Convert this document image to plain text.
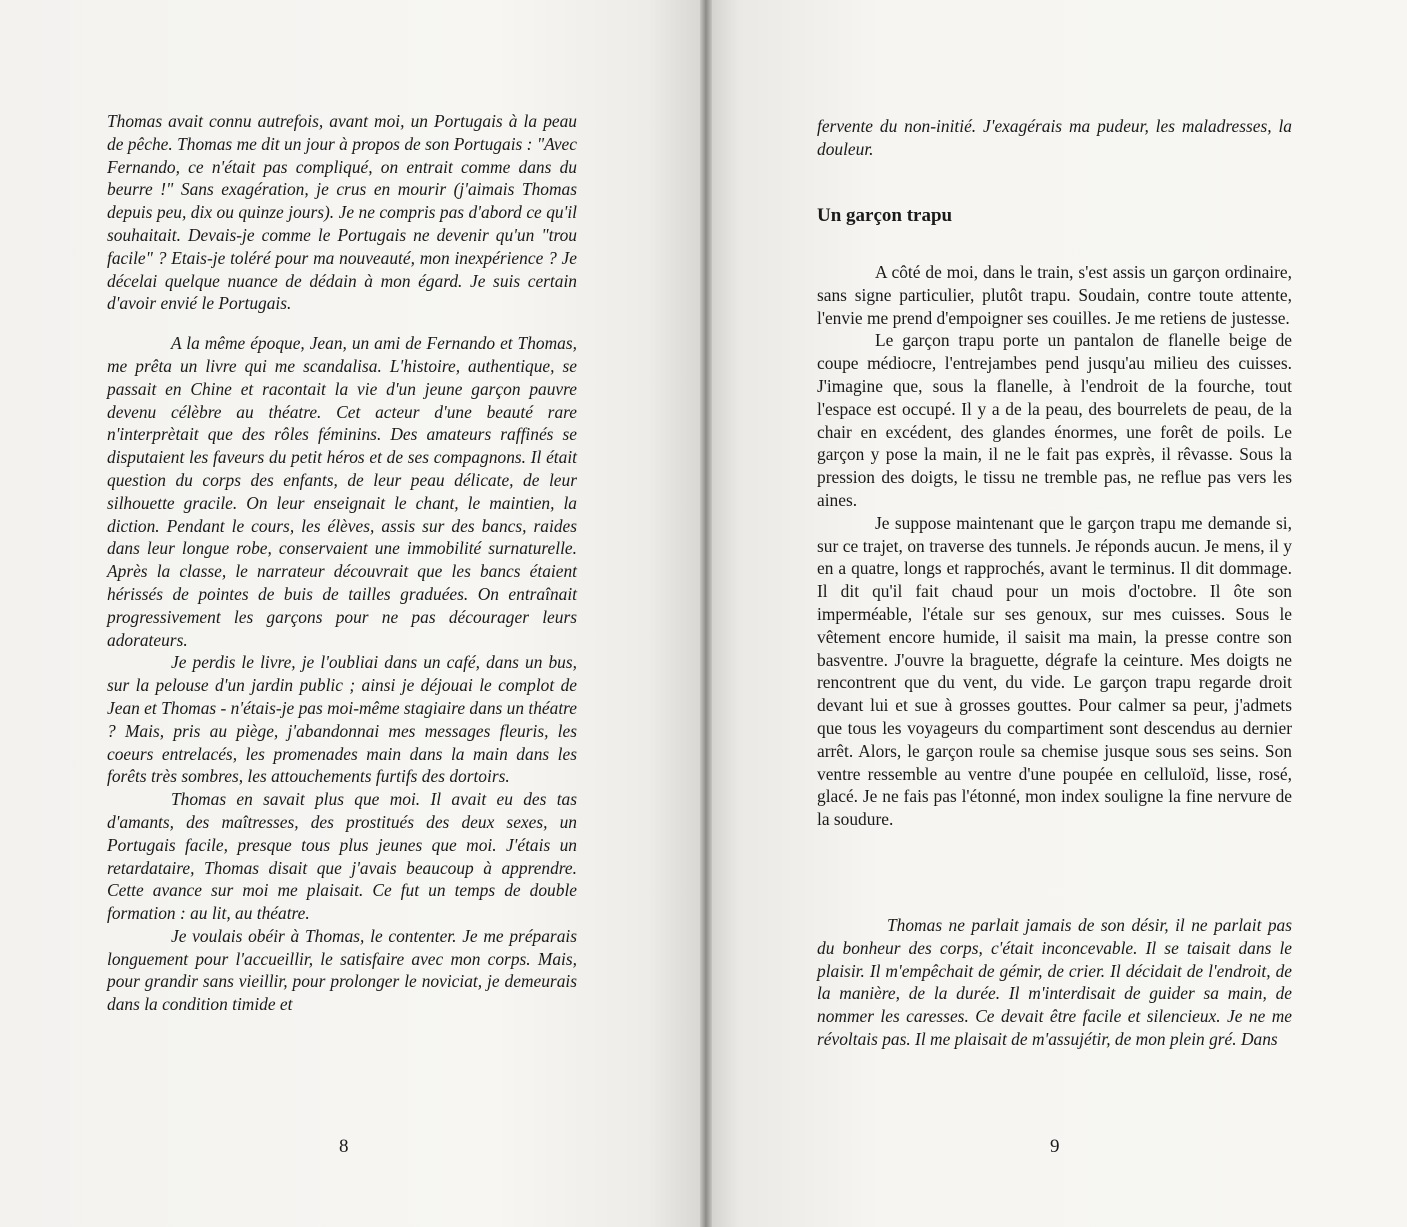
Thomas avait connu autrefois, avant moi, un Portugais à la peau de pêche. Thomas me dit un jour à propos de son Portugais : "Avec Fernando, ce n'était pas compliqué, on entrait comme dans du beurre !" Sans exagération, je crus en mourir (j'aimais Thomas depuis peu, dix ou quinze jours). Je ne compris pas d'abord ce qu'il souhaitait. Devais-je comme le Portugais ne devenir qu'un "trou facile" ? Etais-je toléré pour ma nouveauté, mon inexpérience ? Je décelai quelque nuance de dédain à mon égard. Je suis certain d'avoir envié le Portugais.

A la même époque, Jean, un ami de Fernando et Thomas, me prêta un livre qui me scandalisa. L'histoire, authentique, se passait en Chine et racontait la vie d'un jeune garçon pauvre devenu célèbre au théatre. Cet acteur d'une beauté rare n'interprètait que des rôles féminins. Des amateurs raffinés se disputaient les faveurs du petit héros et de ses compagnons. Il était question du corps des enfants, de leur peau délicate, de leur silhouette gracile. On leur enseignait le chant, le maintien, la diction. Pendant le cours, les élèves, assis sur des bancs, raides dans leur longue robe, conservaient une immobilité surnaturelle. Après la classe, le narrateur découvrait que les bancs étaient hérissés de pointes de buis de tailles graduées. On entraînait progressivement les garçons pour ne pas décourager leurs adorateurs.

Je perdis le livre, je l'oubliai dans un café, dans un bus, sur la pelouse d'un jardin public ; ainsi je déjouai le complot de Jean et Thomas - n'étais-je pas moi-même stagiaire dans un théatre ? Mais, pris au piège, j'abandonnai mes messages fleuris, les coeurs entrelacés, les promenades main dans la main dans les forêts très sombres, les attouchements furtifs des dortoirs.

Thomas en savait plus que moi. Il avait eu des tas d'amants, des maîtresses, des prostitués des deux sexes, un Portugais facile, presque tous plus jeunes que moi. J'étais un retardataire, Thomas disait que j'avais beaucoup à apprendre. Cette avance sur moi me plaisait. Ce fut un temps de double formation : au lit, au théatre.

Je voulais obéir à Thomas, le contenter. Je me préparais longuement pour l'accueillir, le satisfaire avec mon corps. Mais, pour grandir sans vieillir, pour prolonger le noviciat, je demeurais dans la condition timide et

8

fervente du non-initié. J'exagérais ma pudeur, les maladresses, la douleur.

Un garçon trapu

A côté de moi, dans le train, s'est assis un garçon ordinaire, sans signe particulier, plutôt trapu. Soudain, contre toute attente, l'envie me prend d'empoigner ses couilles. Je me retiens de justesse.

Le garçon trapu porte un pantalon de flanelle beige de coupe médiocre, l'entrejambes pend jusqu'au milieu des cuisses. J'imagine que, sous la flanelle, à l'endroit de la fourche, tout l'espace est occupé. Il y a de la peau, des bourrelets de peau, de la chair en excédent, des glandes énormes, une forêt de poils. Le garçon y pose la main, il ne le fait pas exprès, il rêvasse. Sous la pression des doigts, le tissu ne tremble pas, ne reflue pas vers les aines.

Je suppose maintenant que le garçon trapu me demande si, sur ce trajet, on traverse des tunnels. Je réponds aucun. Je mens, il y en a quatre, longs et rapprochés, avant le terminus. Il dit dommage. Il dit qu'il fait chaud pour un mois d'octobre. Il ôte son imperméable, l'étale sur ses genoux, sur mes cuisses. Sous le vêtement encore humide, il saisit ma main, la presse contre son basventre. J'ouvre la braguette, dégrafe la ceinture. Mes doigts ne rencontrent que du vent, du vide. Le garçon trapu regarde droit devant lui et sue à grosses gouttes. Pour calmer sa peur, j'admets que tous les voyageurs du compartiment sont descendus au dernier arrêt. Alors, le garçon roule sa chemise jusque sous ses seins. Son ventre ressemble au ventre d'une poupée en celluloïd, lisse, rosé, glacé. Je ne fais pas l'étonné, mon index souligne la fine nervure de la soudure.

Thomas ne parlait jamais de son désir, il ne parlait pas du bonheur des corps, c'était inconcevable. Il se taisait dans le plaisir. Il m'empêchait de gémir, de crier. Il décidait de l'endroit, de la manière, de la durée. Il m'interdisait de guider sa main, de nommer les caresses. Ce devait être facile et silencieux. Je ne me révoltais pas. Il me plaisait de m'assujétir, de mon plein gré. Dans

9
